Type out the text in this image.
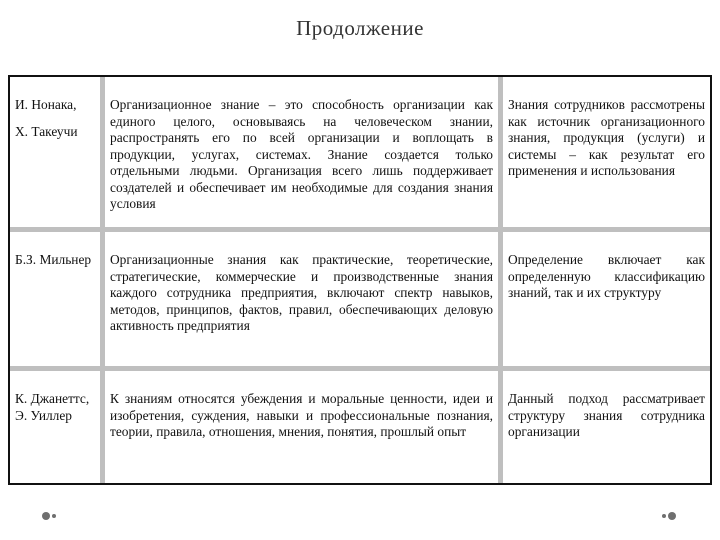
Продолжение

И. Нонака,

Х. Такеучи

Организационное знание – это способность организации как единого целого, основываясь на человеческом знании, распространять его по всей организации и воплощать в продукции, услугах, системах. Знание создается только отдельными людьми. Организация всего лишь поддерживает создателей и обеспечивает им необходимые для создания знания условия

Знания сотрудников рассмотрены как источник организационного знания, продукция (услуги) и системы – как результат его применения и использования

Б.З. Мильнер Организационные знания как практические, теоретические, стратегические, коммерческие и производственные знания каждого сотрудника предприятия, включают спектр навыков, методов, принципов, фактов, правил, обеспечивающих деловую активность предприятия

Определение включает как определенную классификацию знаний, так и их структуру

К. Джанеттс, Э. Уиллер

К знаниям относятся убеждения и моральные ценности, идеи и изобретения, суждения, навыки и профессиональные познания, теории, правила, отношения, мнения, понятия, прошлый опыт

Данный подход рассматривает структуру знания сотрудника организации
